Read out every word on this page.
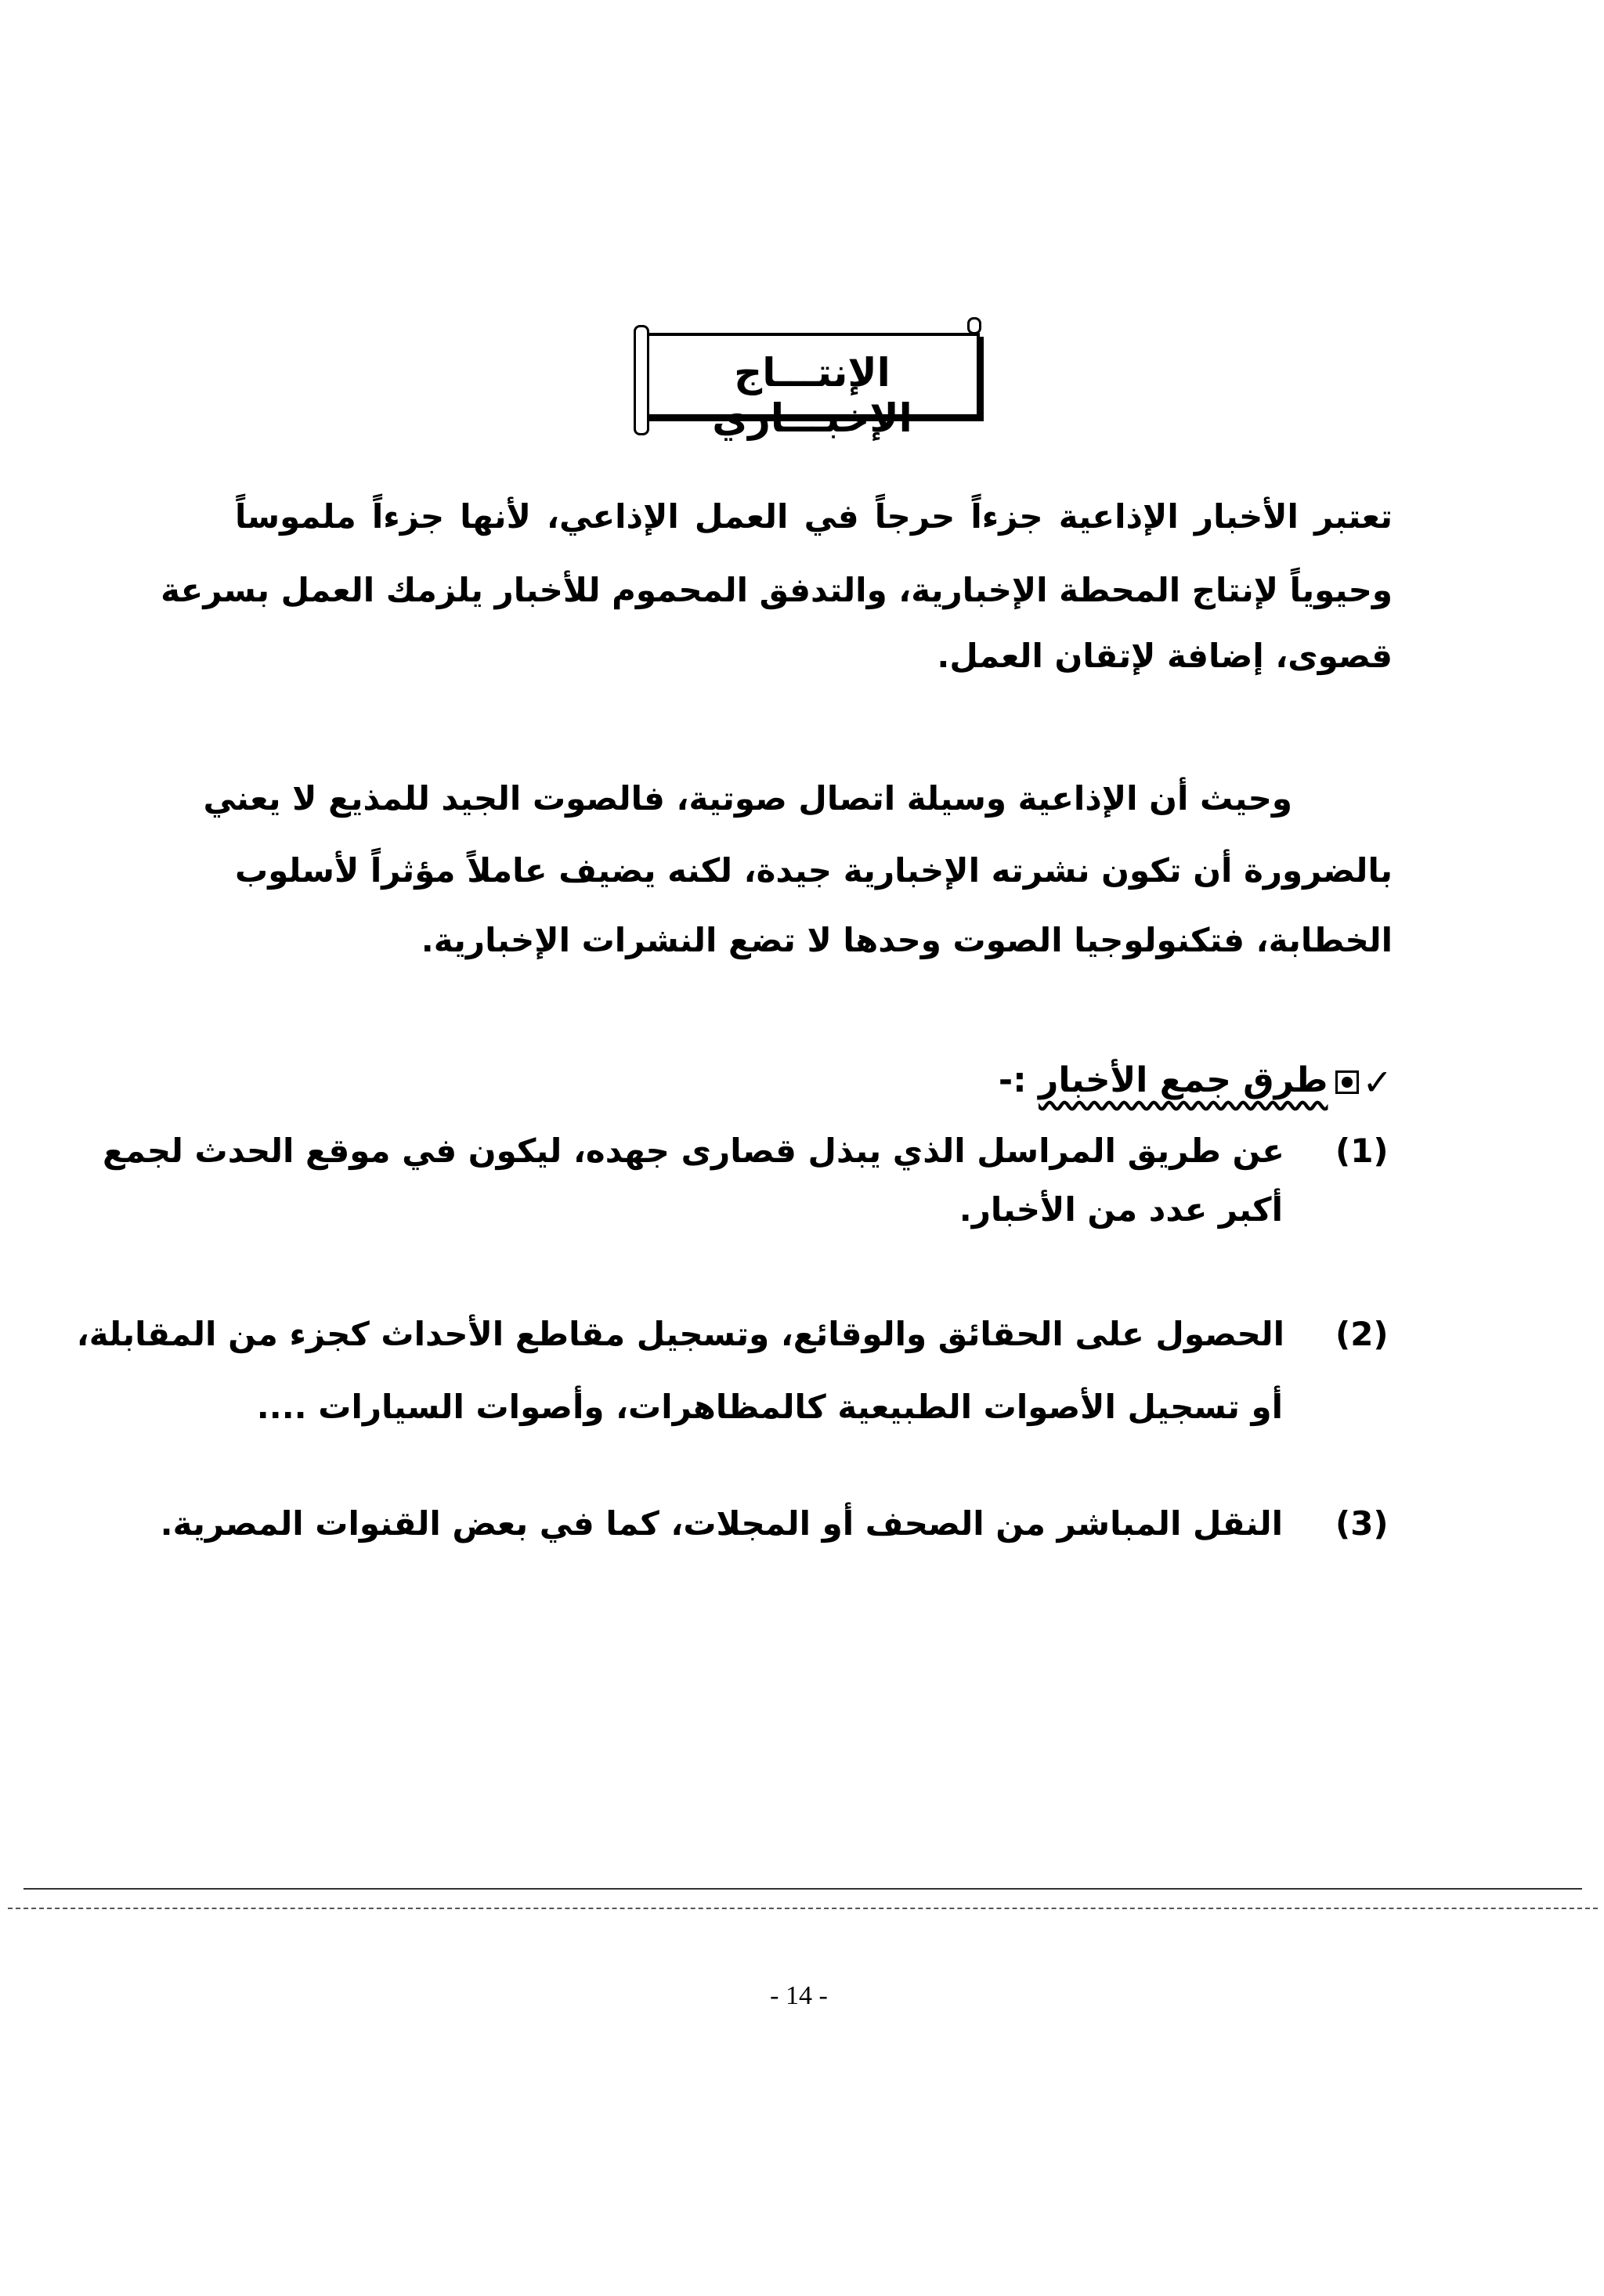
الإنتـــاج الإخبـــاري
تعتبر الأخبار الإذاعية جزءاً حرجاً في العمل الإذاعي، لأنها جزءاً ملموساً
وحيوياً لإنتاج المحطة الإخبارية، والتدفق المحموم للأخبار يلزمك العمل بسرعة
قصوى، إضافة لإتقان العمل.
وحيث أن الإذاعية وسيلة اتصال صوتية، فالصوت الجيد للمذيع لا يعني
بالضرورة أن تكون نشرته الإخبارية جيدة، لكنه يضيف عاملاً مؤثراً لأسلوب
الخطابة، فتكنولوجيا الصوت وحدها لا تضع النشرات الإخبارية.
✓طرق جمع الأخبار :-
(1)
عن طريق المراسل الذي يبذل قصارى جهده، ليكون في موقع الحدث لجمع
أكبر عدد من الأخبار.
(2)
الحصول على الحقائق والوقائع، وتسجيل مقاطع الأحداث كجزء من المقابلة،
أو تسجيل الأصوات الطبيعية كالمظاهرات، وأصوات السيارات ....
(3)
النقل المباشر من الصحف أو المجلات، كما في بعض القنوات المصرية.
- 14 -
